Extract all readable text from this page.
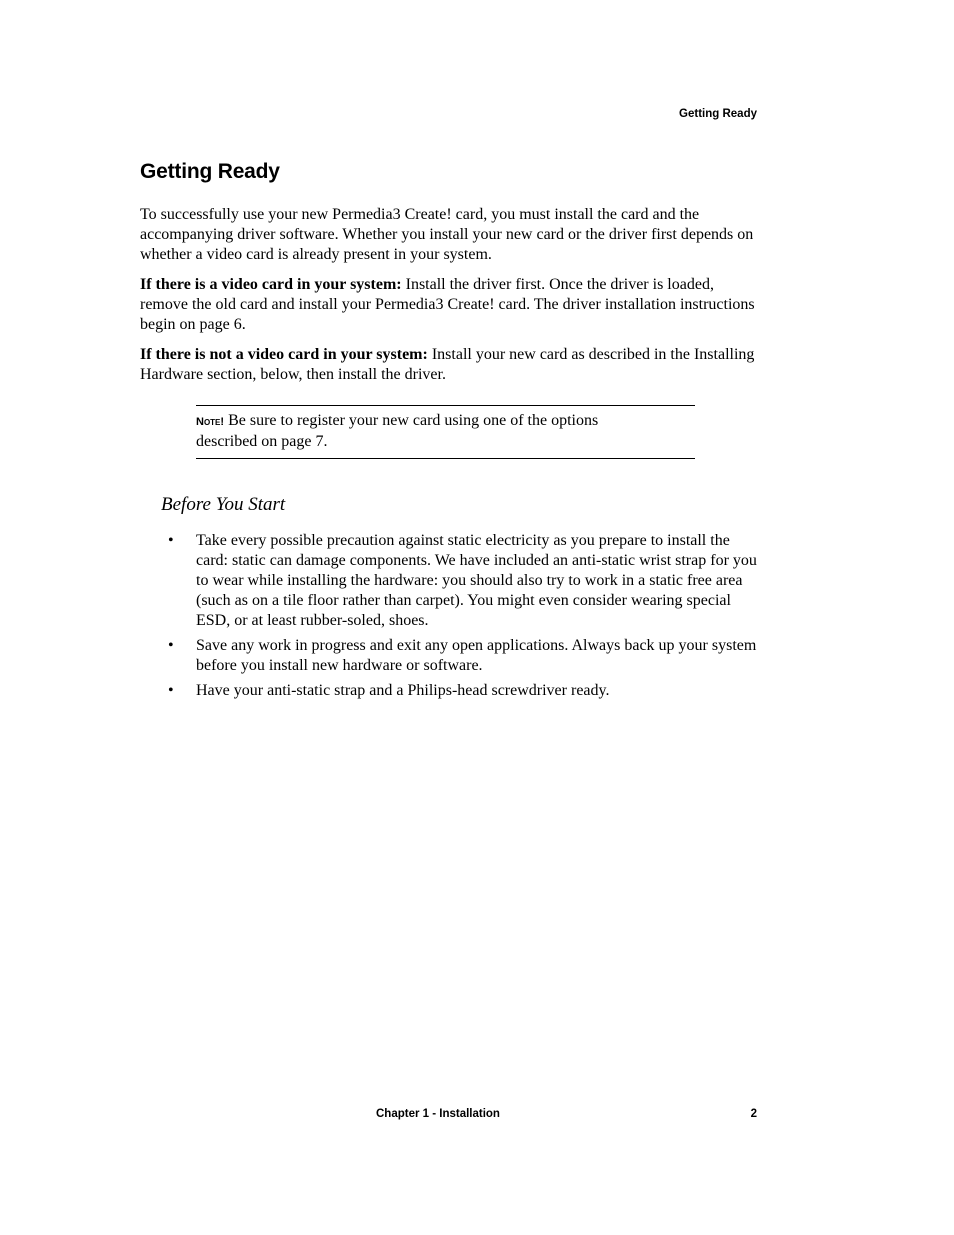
Getting Ready
Getting Ready

To successfully use your new Permedia3 Create! card, you must install the card and the accompanying driver software. Whether you install your new card or the driver first depends on whether a video card is already present in your system.

If there is a video card in your system: Install the driver first. Once the driver is loaded, remove the old card and install your Permedia3 Create! card. The driver installation instructions begin on page 6.

If there is not a video card in your system: Install your new card as described in the Installing Hardware section, below, then install the driver.

Note! Be sure to register your new card using one of the options described on page 7.

Before You Start
• Take every possible precaution against static electricity as you prepare to install the card: static can damage components. We have included an anti-static wrist strap for you to wear while installing the hardware: you should also try to work in a static free area (such as on a tile floor rather than carpet). You might even consider wearing special ESD, or at least rubber-soled, shoes.
• Save any work in progress and exit any open applications. Always back up your system before you install new hardware or software.
• Have your anti-static strap and a Philips-head screwdriver ready.
Chapter 1 - Installation	2
